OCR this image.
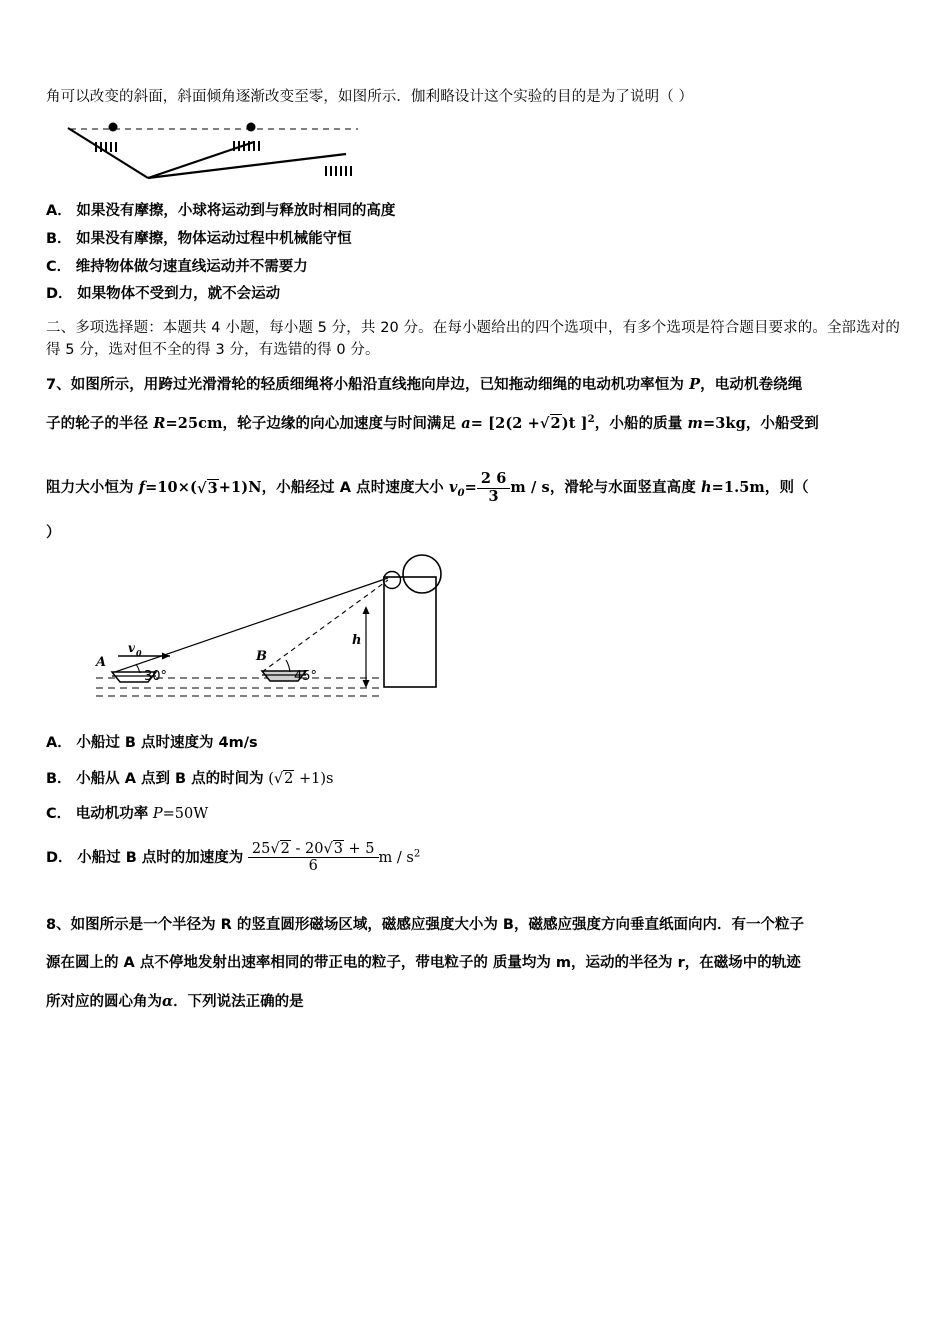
角可以改变的斜面，斜面倾角逐渐改变至零，如图所示．伽利略设计这个实验的目的是为了说明（ ）
A． 如果没有摩擦，小球将运动到与释放时相同的高度
B． 如果没有摩擦，物体运动过程中机械能守恒
C． 维持物体做匀速直线运动并不需要力
D． 如果物体不受到力，就不会运动
二、多项选择题：本题共 4 小题，每小题 5 分，共 20 分。在每小题给出的四个选项中，有多个选项是符合题目要求的。全部选对的得 5 分，选对但不全的得 3 分，有选错的得 0 分。
7、如图所示，用跨过光滑滑轮的轻质细绳将小船沿直线拖向岸边，已知拖动细绳的电动机功率恒为 P，电动机卷绕绳
子的轮子的半径 R=25cm，轮子边缘的向心加速度与时间满足 a= [2(2 +√2)t ]$^2$，小船的质量 m=3kg，小船受到
阻力大小恒为 f=10×(√3+1)N，小船经过 A 点时速度大小 $v_0= \frac{2 6}{3}$ m / s，滑轮与水面竖直高度 h=1.5m，则（
）
A
v 0	B
30°	45°
h
A． 小船过 B 点时速度为 4m/s
B． 小船从 A 点到 B 点的时间为 (√2 +1)s
C． 电动机功率 P=50W
D． 小船过 B 点时的加速度为 $\frac{25√2 - 20√3 + 5}{6}$ m / $s^2$
8、如图所示是一个半径为 R 的竖直圆形磁场区域，磁感应强度大小为 B，磁感应强度方向垂直纸面向内．有一个粒子
源在圆上的 A 点不停地发射出速率相同的带正电的粒子，带电粒子的 质量均为 m，运动的半径为 r，在磁场中的轨迹
所对应的圆心角为α．下列说法正确的是
